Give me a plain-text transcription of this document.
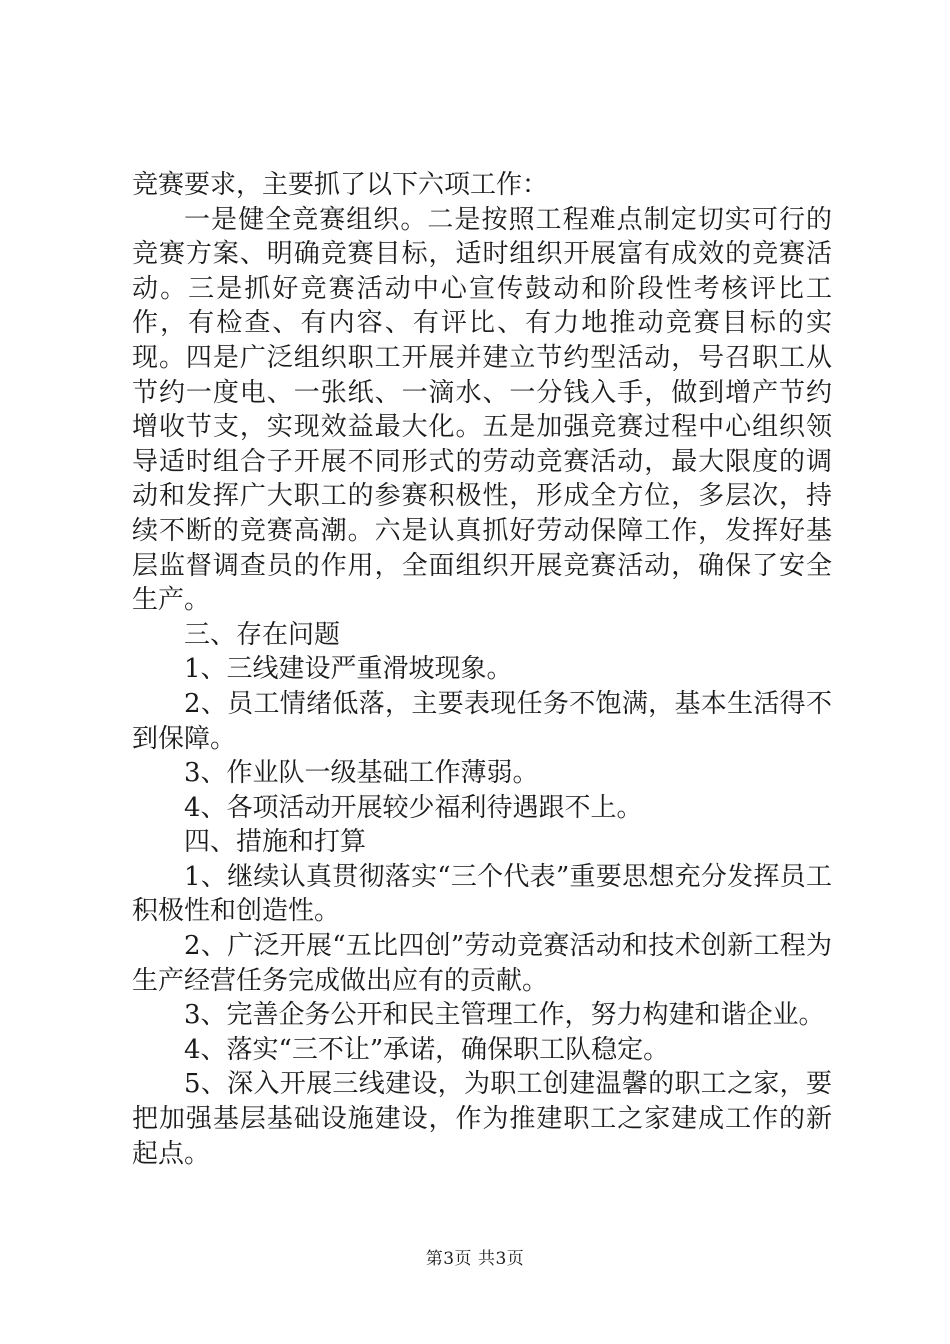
竞赛要求，主要抓了以下六项工作：

一是健全竞赛组织。二是按照工程难点制定切实可行的竞赛方案、明确竞赛目标，适时组织开展富有成效的竞赛活动。三是抓好竞赛活动中心宣传鼓动和阶段性考核评比工作，有检查、有内容、有评比、有力地推动竞赛目标的实现。四是广泛组织职工开展并建立节约型活动，号召职工从节约一度电、一张纸、一滴水、一分钱入手，做到增产节约增收节支，实现效益最大化。五是加强竞赛过程中心组织领导适时组合子开展不同形式的劳动竞赛活动，最大限度的调动和发挥广大职工的参赛积极性，形成全方位，多层次，持续不断的竞赛高潮。六是认真抓好劳动保障工作，发挥好基层监督调查员的作用，全面组织开展竞赛活动，确保了安全生产。

三、存在问题

1、三线建设严重滑坡现象。

2、员工情绪低落，主要表现任务不饱满，基本生活得不到保障。

3、作业队一级基础工作薄弱。

4、各项活动开展较少福利待遇跟不上。

四、措施和打算

1、继续认真贯彻落实“三个代表”重要思想充分发挥员工积极性和创造性。

2、广泛开展“五比四创”劳动竞赛活动和技术创新工程为生产经营任务完成做出应有的贡献。

3、完善企务公开和民主管理工作，努力构建和谐企业。

4、落实“三不让”承诺，确保职工队稳定。

5、深入开展三线建设，为职工创建温馨的职工之家，要把加强基层基础设施建设，作为推建职工之家建成工作的新起点。

第3页 共3页
